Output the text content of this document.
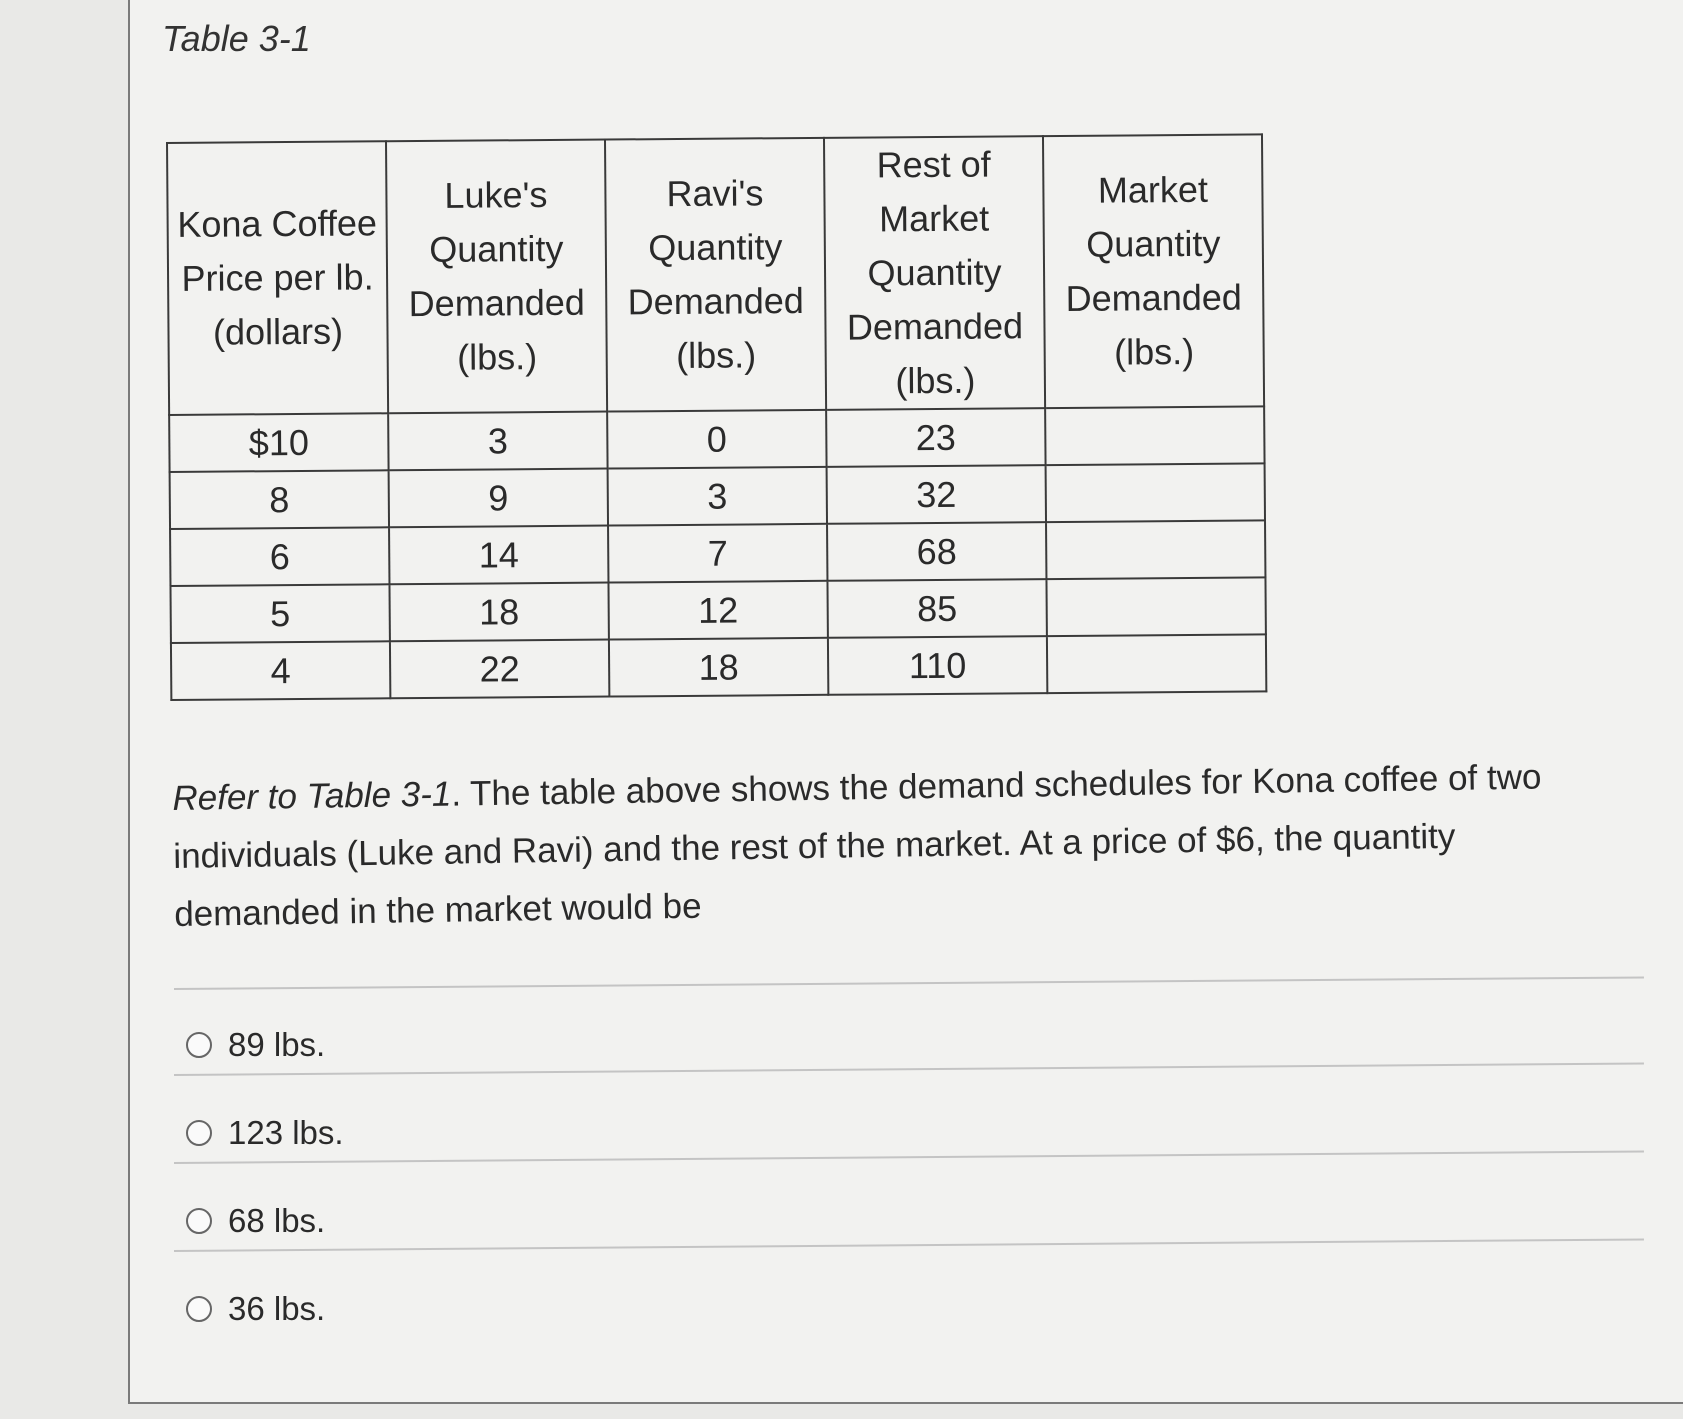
Table 3-1
Kona Coffee Price per lb. (dollars)	Luke's Quantity Demanded (lbs.)	Ravi's Quantity Demanded (lbs.)	Rest of Market Quantity Demanded (lbs.)	Market Quantity Demanded (lbs.)
$10	3	0	23	
8	9	3	32	
6	14	7	68	
5	18	12	85	
4	22	18	110	
Refer to Table 3-1. The table above shows the demand schedules for Kona coffee of two individuals (Luke and Ravi) and the rest of the market. At a price of $6, the quantity demanded in the market would be
89 lbs.
123 lbs.
68 lbs.
36 lbs.
